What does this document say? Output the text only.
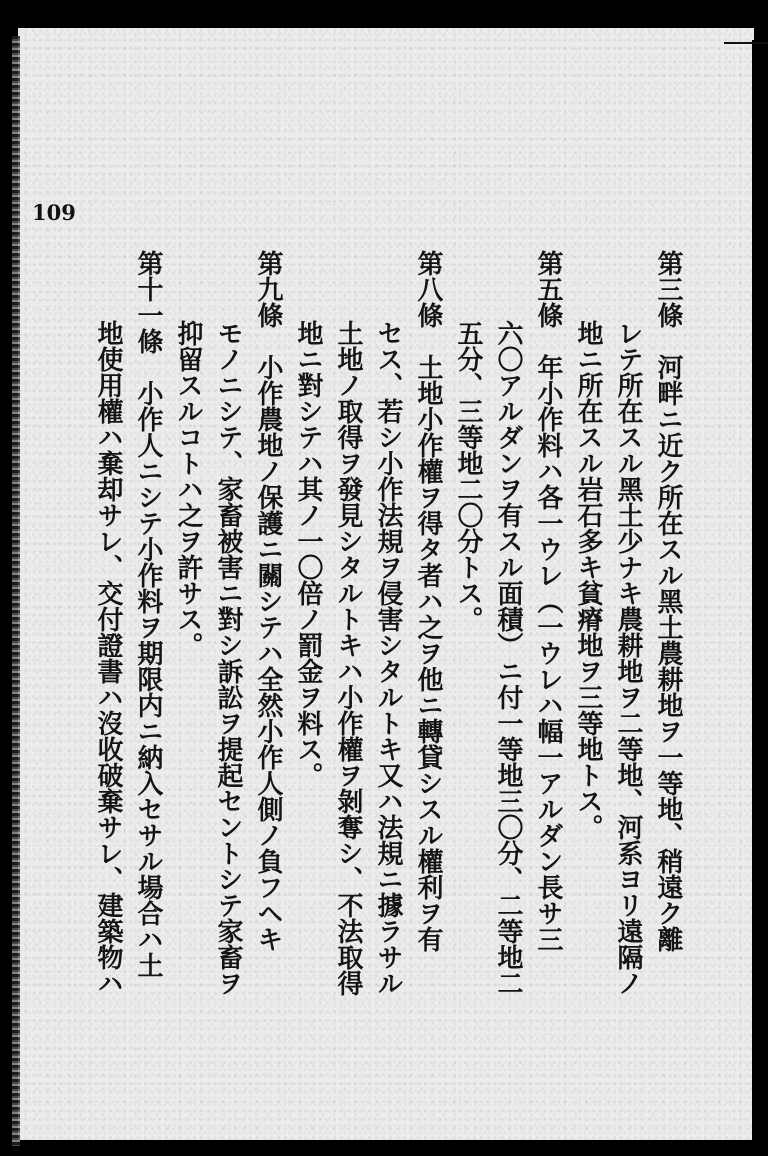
109
第三條　河畔ニ近ク所在スル黑土農耕地ヲ一等地、稍遠ク離
レテ所在スル黑土少ナキ農耕地ヲ二等地、河系ヨリ遠隔ノ
地ニ所在スル岩石多キ貧瘠地ヲ三等地トス。
第五條　年小作料ハ各一ウレ（一ウレハ幅一アルダン長サ三
六〇アルダンヲ有スル面積）ニ付一等地三〇分、二等地二
五分、三等地二〇分トス。
第八條　土地小作權ヲ得タ者ハ之ヲ他ニ轉貸シスル權利ヲ有
セス、若シ小作法規ヲ侵害シタルトキ又ハ法規ニ據ラサル
土地ノ取得ヲ發見シタルトキハ小作權ヲ剝奪シ、不法取得
地ニ對シテハ其ノ一〇倍ノ罰金ヲ料ス。
第九條　小作農地ノ保護ニ關シテハ全然小作人側ノ負フヘキ
モノニシテ、家畜被害ニ對シ訴訟ヲ提起セントシテ家畜ヲ
抑留スルコトハ之ヲ許サス。
第十一條　小作人ニシテ小作料ヲ期限内ニ納入セサル場合ハ土
地使用權ハ棄却サレ、交付證書ハ沒收破棄サレ、建築物ハ
